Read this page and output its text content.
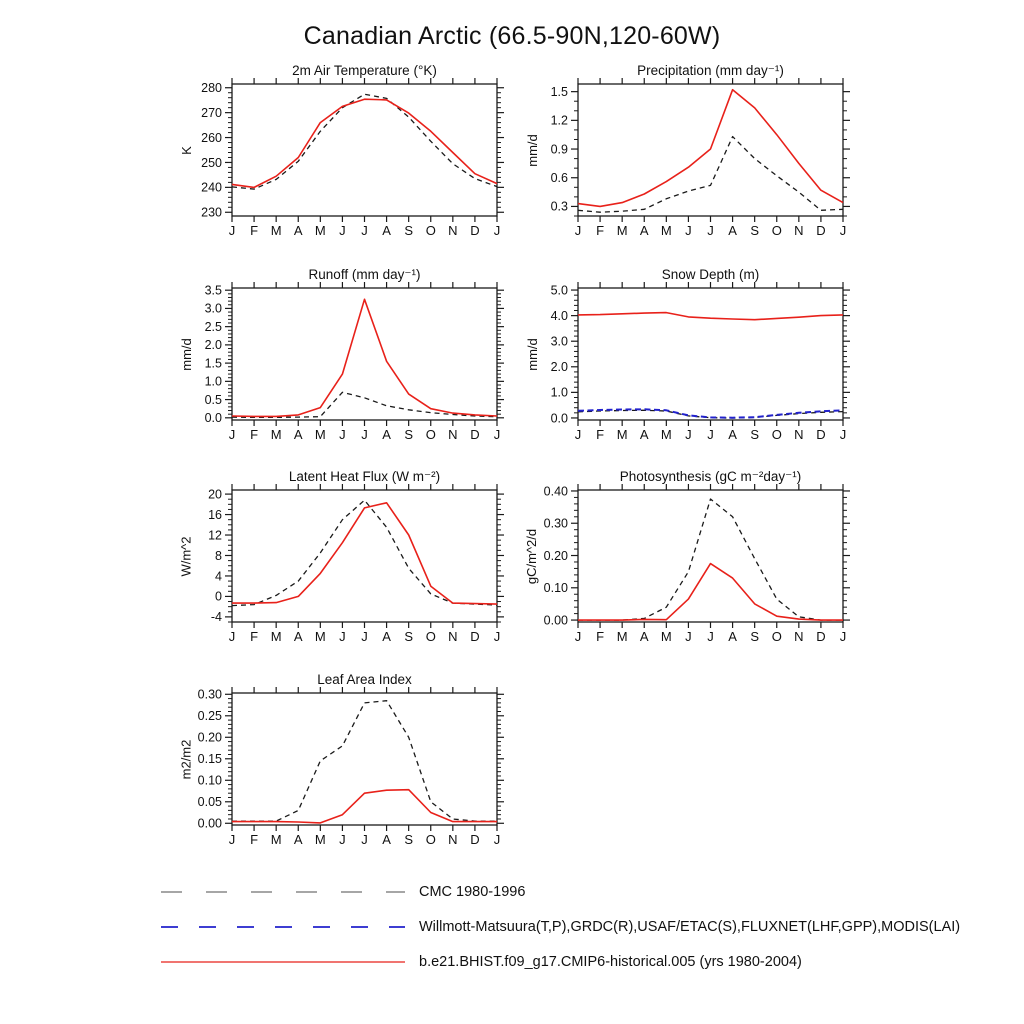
Canadian Arctic (66.5-90N,120-60W)
2m Air Temperature (°K)
K
J F M A M J J A S O N D J
230
240
250
260
270
280
Precipitation (mm day⁻¹)
mm/d
J F M A M J J A S O N D J
0.3
0.6
0.9
1.2
1.5
Runoff (mm day⁻¹)
mm/d
J F M A M J J A S O N D J
0.0
0.5
1.0
1.5
2.0
2.5
3.0
3.5
Snow Depth (m)
mm/d
J F M A M J J A S O N D J
0.0
1.0
2.0
3.0
4.0
5.0
Latent Heat Flux (W m⁻²)
W/m^2
J F M A M J J A S O N D J
-4
0
4
8
12
16
20
Photosynthesis (gC m⁻²day⁻¹)
gC/m^2/d
J F M A M J J A S O N D J
0.00
0.10
0.20
0.30
0.40
Leaf Area Index
m2/m2
J F M A M J J A S O N D J
0.00
0.05
0.10
0.15
0.20
0.25
0.30
CMC 1980-1996
Willmott-Matsuura(T,P),GRDC(R),USAF/ETAC(S),FLUXNET(LHF,GPP),MODIS(LAI)
b.e21.BHIST.f09_g17.CMIP6-historical.005 (yrs 1980-2004)
